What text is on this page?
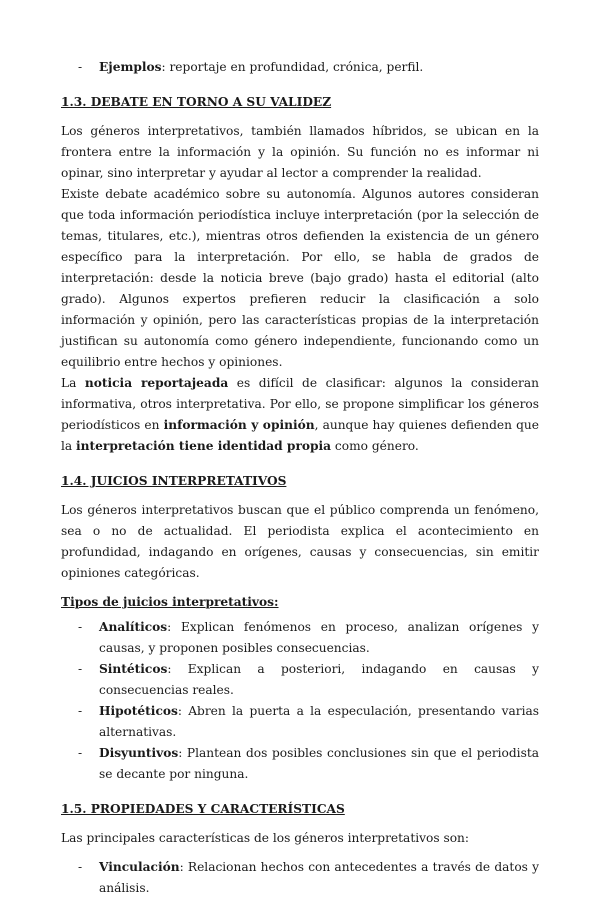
- Ejemplos: reportaje en profundidad, crónica, perfil.

1.3. DEBATE EN TORNO A SU VALIDEZ

Los géneros interpretativos, también llamados híbridos, se ubican en la frontera entre la información y la opinión. Su función no es informar ni opinar, sino interpretar y ayudar al lector a comprender la realidad.

Existe debate académico sobre su autonomía. Algunos autores consideran que toda información periodística incluye interpretación (por la selección de temas, titulares, etc.), mientras otros defienden la existencia de un género específico para la interpretación. Por ello, se habla de grados de interpretación: desde la noticia breve (bajo grado) hasta el editorial (alto grado). Algunos expertos prefieren reducir la clasificación a solo información y opinión, pero las características propias de la interpretación justifican su autonomía como género independiente, funcionando como un equilibrio entre hechos y opiniones.

La noticia reportajeada es difícil de clasificar: algunos la consideran informativa, otros interpretativa. Por ello, se propone simplificar los géneros periodísticos en información y opinión, aunque hay quienes defienden que la interpretación tiene identidad propia como género.

1.4. JUICIOS INTERPRETATIVOS

Los géneros interpretativos buscan que el público comprenda un fenómeno, sea o no de actualidad. El periodista explica el acontecimiento en profundidad, indagando en orígenes, causas y consecuencias, sin emitir opiniones categóricas.

Tipos de juicios interpretativos:

- Analíticos: Explican fenómenos en proceso, analizan orígenes y causas, y proponen posibles consecuencias.
- Sintéticos: Explican a posteriori, indagando en causas y consecuencias reales.
- Hipotéticos: Abren la puerta a la especulación, presentando varias alternativas.
- Disyuntivos: Plantean dos posibles conclusiones sin que el periodista se decante por ninguna.

1.5. PROPIEDADES Y CARACTERÍSTICAS

Las principales características de los géneros interpretativos son:

- Vinculación: Relacionan hechos con antecedentes a través de datos y análisis.
